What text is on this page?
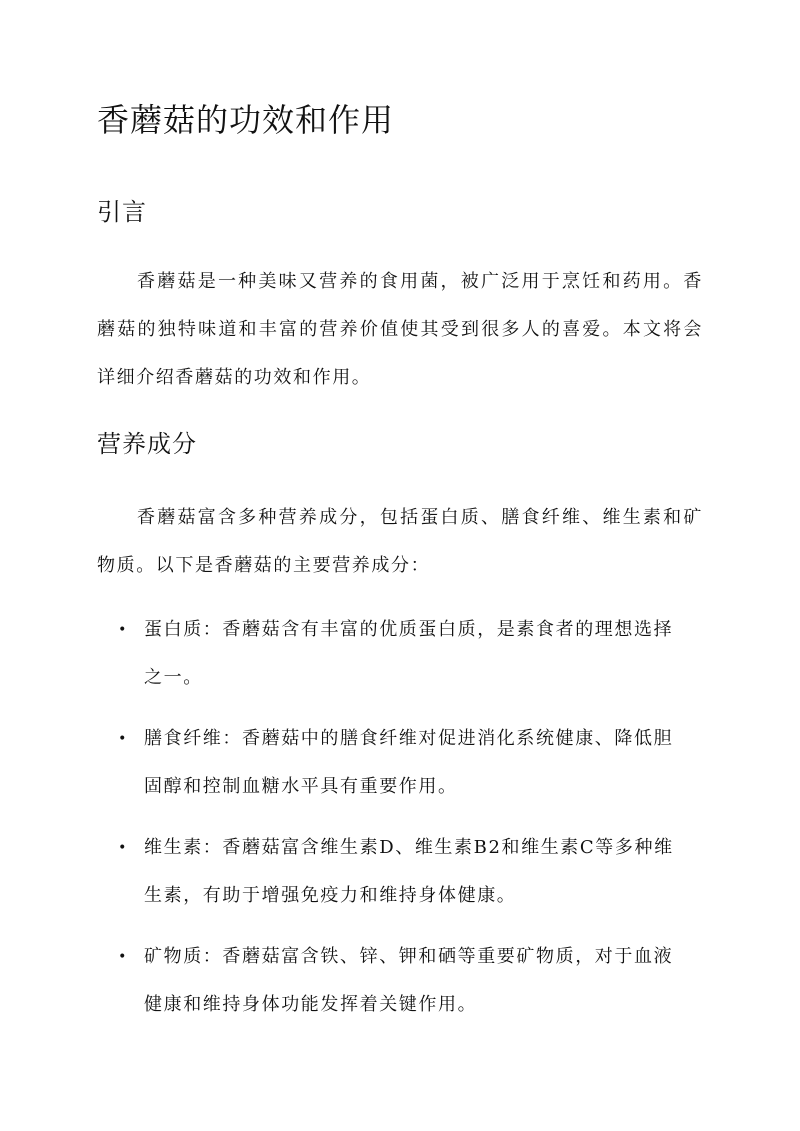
香蘑菇的功效和作用
引言

香蘑菇是一种美味又营养的食用菌，被广泛用于烹饪和药用。香蘑菇的独特味道和丰富的营养价值使其受到很多人的喜爱。本文将会详细介绍香蘑菇的功效和作用。

营养成分

香蘑菇富含多种营养成分，包括蛋白质、膳食纤维、维生素和矿物质。以下是香蘑菇的主要营养成分：

• 蛋白质：香蘑菇含有丰富的优质蛋白质，是素食者的理想选择之一。
• 膳食纤维：香蘑菇中的膳食纤维对促进消化系统健康、降低胆固醇和控制血糖水平具有重要作用。
• 维生素：香蘑菇富含维生素D、维生素B2和维生素C等多种维生素，有助于增强免疫力和维持身体健康。
• 矿物质：香蘑菇富含铁、锌、钾和硒等重要矿物质，对于血液健康和维持身体功能发挥着关键作用。
